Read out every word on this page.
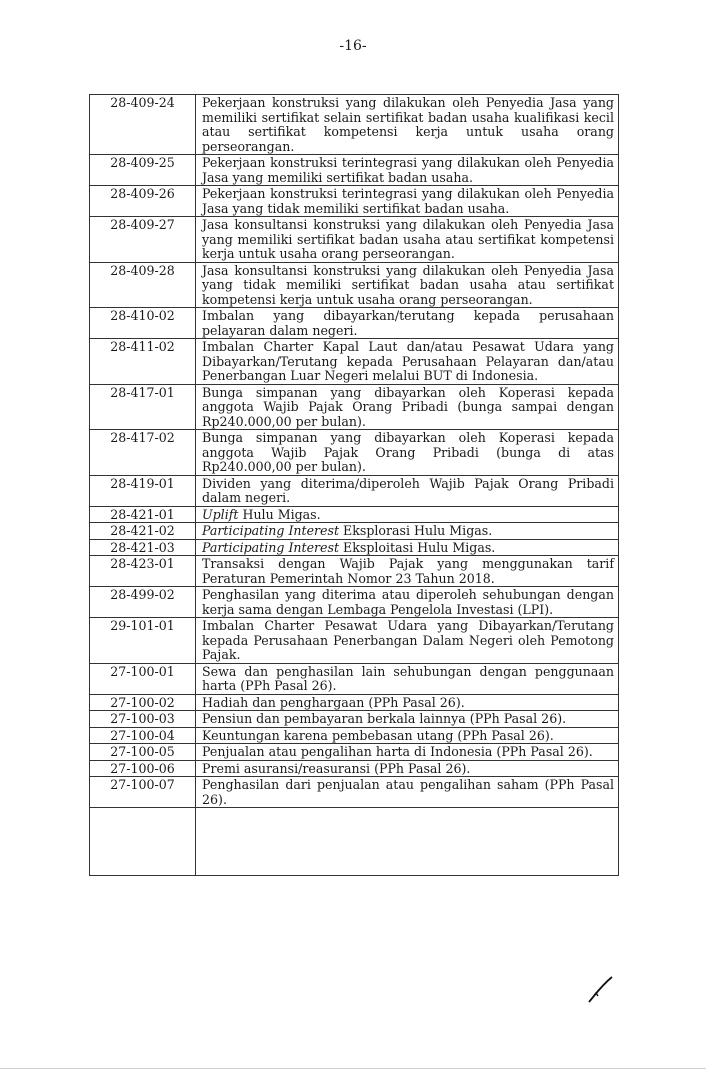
-16-
28-409-24	Pekerjaan konstruksi yang dilakukan oleh Penyedia Jasa yang memiliki sertifikat selain sertifikat badan usaha kualifikasi kecil atau sertifikat kompetensi kerja untuk usaha orang perseorangan.
28-409-25	Pekerjaan konstruksi terintegrasi yang dilakukan oleh Penyedia Jasa yang memiliki sertifikat badan usaha.
28-409-26	Pekerjaan konstruksi terintegrasi yang dilakukan oleh Penyedia Jasa yang tidak memiliki sertifikat badan usaha.
28-409-27	Jasa konsultansi konstruksi yang dilakukan oleh Penyedia Jasa yang memiliki sertifikat badan usaha atau sertifikat kompetensi kerja untuk usaha orang perseorangan.
28-409-28	Jasa konsultansi konstruksi yang dilakukan oleh Penyedia Jasa yang tidak memiliki sertifikat badan usaha atau sertifikat kompetensi kerja untuk usaha orang perseorangan.
28-410-02	Imbalan yang dibayarkan/terutang kepada perusahaan pelayaran dalam negeri.
28-411-02	Imbalan Charter Kapal Laut dan/atau Pesawat Udara yang Dibayarkan/Terutang kepada Perusahaan Pelayaran dan/atau Penerbangan Luar Negeri melalui BUT di Indonesia.
28-417-01	Bunga simpanan yang dibayarkan oleh Koperasi kepada anggota Wajib Pajak Orang Pribadi (bunga sampai dengan Rp240.000,00 per bulan).
28-417-02	Bunga simpanan yang dibayarkan oleh Koperasi kepada anggota Wajib Pajak Orang Pribadi (bunga di atas Rp240.000,00 per bulan).
28-419-01	Dividen yang diterima/diperoleh Wajib Pajak Orang Pribadi dalam negeri.
28-421-01	Uplift Hulu Migas.
28-421-02	Participating Interest Eksplorasi Hulu Migas.
28-421-03	Participating Interest Eksploitasi Hulu Migas.
28-423-01	Transaksi dengan Wajib Pajak yang menggunakan tarif Peraturan Pemerintah Nomor 23 Tahun 2018.
28-499-02	Penghasilan yang diterima atau diperoleh sehubungan dengan kerja sama dengan Lembaga Pengelola Investasi (LPI).
29-101-01	Imbalan Charter Pesawat Udara yang Dibayarkan/Terutang kepada Perusahaan Penerbangan Dalam Negeri oleh Pemotong Pajak.
27-100-01	Sewa dan penghasilan lain sehubungan dengan penggunaan harta (PPh Pasal 26).
27-100-02	Hadiah dan penghargaan (PPh Pasal 26).
27-100-03	Pensiun dan pembayaran berkala lainnya (PPh Pasal 26).
27-100-04	Keuntungan karena pembebasan utang (PPh Pasal 26).
27-100-05	Penjualan atau pengalihan harta di Indonesia (PPh Pasal 26).
27-100-06	Premi asuransi/reasuransi (PPh Pasal 26).
27-100-07	Penghasilan dari penjualan atau pengalihan saham (PPh Pasal 26).
